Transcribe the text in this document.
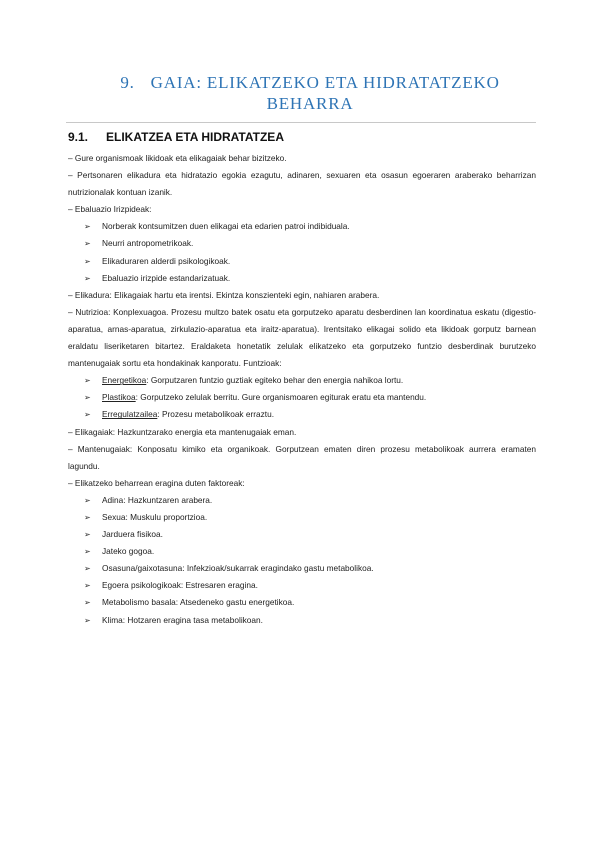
9. GAIA: ELIKATZEKO ETA HIDRATATZEKO
BEHARRA
9.1. ELIKATZEA ETA HIDRATATZEA

– Gure organismoak likidoak eta elikagaiak behar bizitzeko.

– Pertsonaren elikadura eta hidratazio egokia ezagutu, adinaren, sexuaren eta osasun egoeraren araberako beharrizan nutrizionalak kontuan izanik.

– Ebaluazio Irizpideak:

➢ Norberak kontsumitzen duen elikagai eta edarien patroi indibiduala.

➢ Neurri antropometrikoak.

➢ Elikaduraren alderdi psikologikoak.

➢ Ebaluazio irizpide estandarizatuak.

– Elikadura: Elikagaiak hartu eta irentsi. Ekintza konszienteki egin, nahiaren arabera.

– Nutrizioa: Konplexuagoa. Prozesu multzo batek osatu eta gorputzeko aparatu desberdinen lan koordinatua eskatu (digestio-aparatua, arnas-aparatua, zirkulazio-aparatua eta iraitz-aparatua). Irentsitako elikagai solido eta likidoak gorputz barnean eraldatu liseriketaren bitartez. Eraldaketa honetatik zelulak elikatzeko eta gorputzeko funtzio desberdinak burutzeko mantenugaiak sortu eta hondakinak kanporatu. Funtzioak:

➢ Energetikoa: Gorputzaren funtzio guztiak egiteko behar den energia nahikoa lortu.

➢ Plastikoa: Gorputzeko zelulak berritu. Gure organismoaren egiturak eratu eta mantendu.

➢ Erregulatzailea: Prozesu metabolikoak erraztu.

– Elikagaiak: Hazkuntzarako energia eta mantenugaiak eman.

– Mantenugaiak: Konposatu kimiko eta organikoak. Gorputzean ematen diren prozesu metabolikoak aurrera eramaten lagundu.

– Elikatzeko beharrean eragina duten faktoreak:

➢ Adina: Hazkuntzaren arabera.

➢ Sexua: Muskulu proportzioa.

➢ Jarduera fisikoa.

➢ Jateko gogoa.

➢ Osasuna/gaixotasuna: Infekzioak/sukarrak eragindako gastu metabolikoa.

➢ Egoera psikologikoak: Estresaren eragina.

➢ Metabolismo basala: Atsedeneko gastu energetikoa.

➢ Klima: Hotzaren eragina tasa metabolikoan.
